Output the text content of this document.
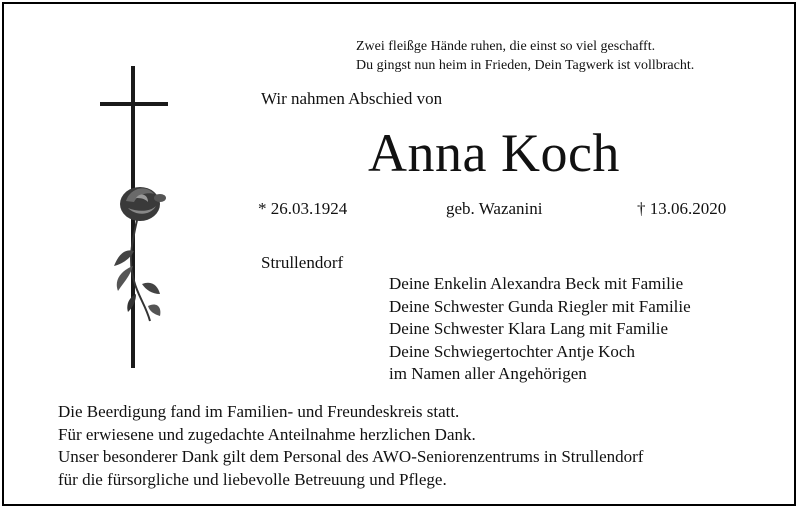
Zwei fleißge Hände ruhen, die einst so viel geschafft.
Du gingst nun heim in Frieden, Dein Tagwerk ist vollbracht.
Wir nahmen Abschied von
Anna Koch
* 26.03.1924	geb. Wazanini	† 13.06.2020
Strullendorf
Deine Enkelin Alexandra Beck mit Familie
Deine Schwester Gunda Riegler mit Familie
Deine Schwester Klara Lang mit Familie
Deine Schwiegertochter Antje Koch
im Namen aller Angehörigen
Die Beerdigung fand im Familien- und Freundeskreis statt.
Für erwiesene und zugedachte Anteilnahme herzlichen Dank.
Unser besonderer Dank gilt dem Personal des AWO-Seniorenzentrums in Strullendorf
für die fürsorgliche und liebevolle Betreuung und Pflege.
